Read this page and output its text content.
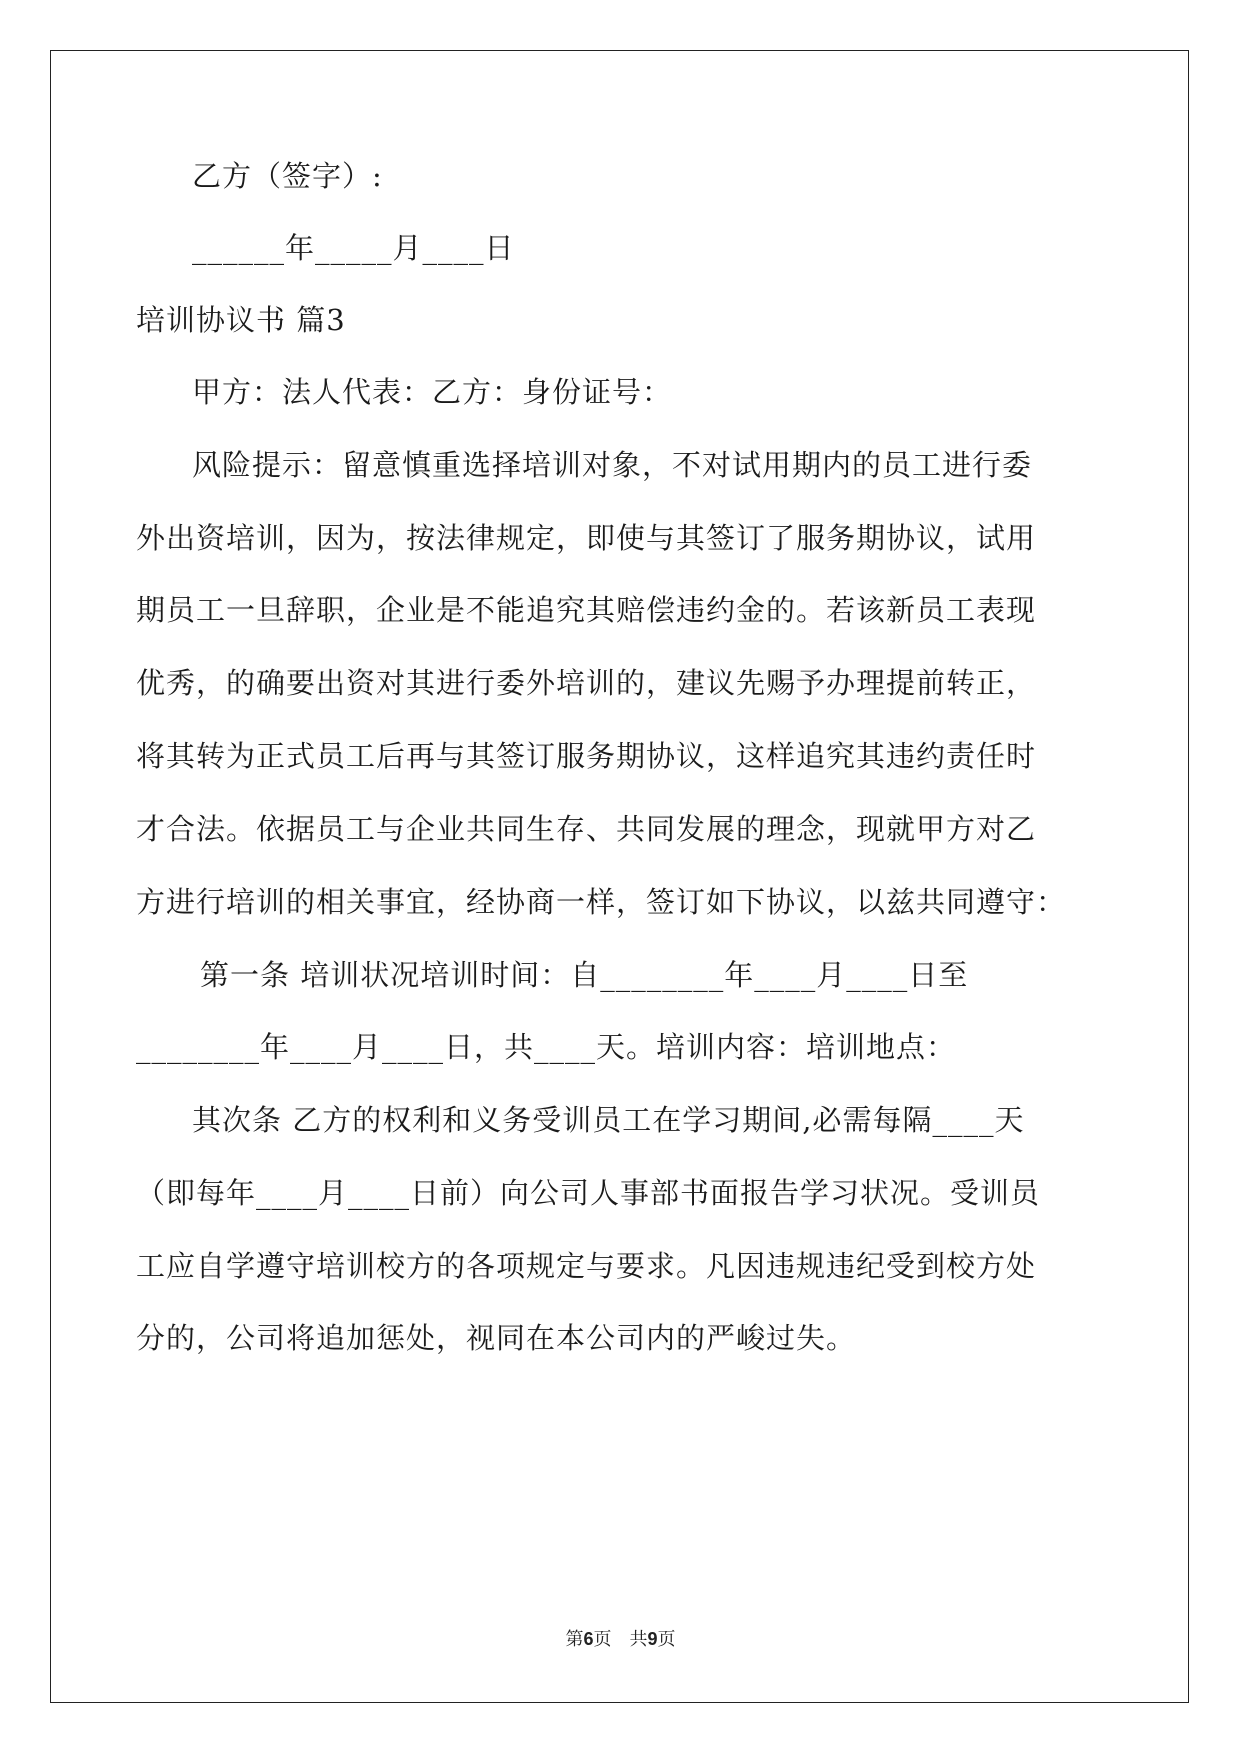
乙方（签字）:
______年_____月____日
培训协议书 篇3
甲方：法人代表：乙方：身份证号：
风险提示：留意慎重选择培训对象，不对试用期内的员工进行委
外出资培训，因为，按法律规定，即使与其签订了服务期协议，试用
期员工一旦辞职，企业是不能追究其赔偿违约金的。若该新员工表现
优秀，的确要出资对其进行委外培训的，建议先赐予办理提前转正，
将其转为正式员工后再与其签订服务期协议，这样追究其违约责任时
才合法。依据员工与企业共同生存、共同发展的理念，现就甲方对乙
方进行培训的相关事宜，经协商一样，签订如下协议，以兹共同遵守：
第一条 培训状况培训时间：自________年____月____日至
________年____月____日，共____天。培训内容：培训地点：
其次条 乙方的权利和义务受训员工在学习期间,必需每隔____天
（即每年____月____日前）向公司人事部书面报告学习状况。受训员
工应自学遵守培训校方的各项规定与要求。凡因违规违纪受到校方处
分的，公司将追加惩处，视同在本公司内的严峻过失。
第6页　共9页
